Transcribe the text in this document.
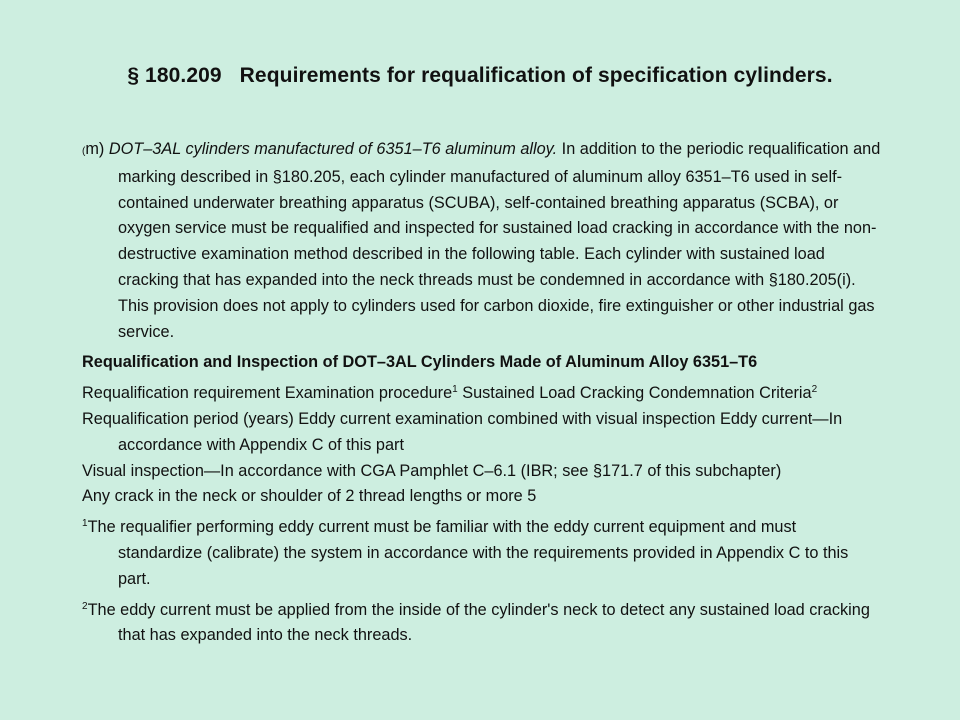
§ 180.209 Requirements for requalification of specification cylinders.

(m) DOT–3AL cylinders manufactured of 6351–T6 aluminum alloy. In addition to the periodic requalification and marking described in §180.205, each cylinder manufactured of aluminum alloy 6351–T6 used in self-contained underwater breathing apparatus (SCUBA), self-contained breathing apparatus (SCBA), or oxygen service must be requalified and inspected for sustained load cracking in accordance with the non-destructive examination method described in the following table. Each cylinder with sustained load cracking that has expanded into the neck threads must be condemned in accordance with §180.205(i). This provision does not apply to cylinders used for carbon dioxide, fire extinguisher or other industrial gas service.

Requalification and Inspection of DOT–3AL Cylinders Made of Aluminum Alloy 6351–T6

Requalification requirement Examination procedure$^1$ Sustained Load Cracking Condemnation Criteria$^2$
Requalification period (years) Eddy current examination combined with visual inspection Eddy current—In accordance with Appendix C of this part
Visual inspection—In accordance with CGA Pamphlet C–6.1 (IBR; see §171.7 of this subchapter)
Any crack in the neck or shoulder of 2 thread lengths or more 5

$^1$The requalifier performing eddy current must be familiar with the eddy current equipment and must standardize (calibrate) the system in accordance with the requirements provided in Appendix C to this part.

$^2$The eddy current must be applied from the inside of the cylinder's neck to detect any sustained load cracking that has expanded into the neck threads.
